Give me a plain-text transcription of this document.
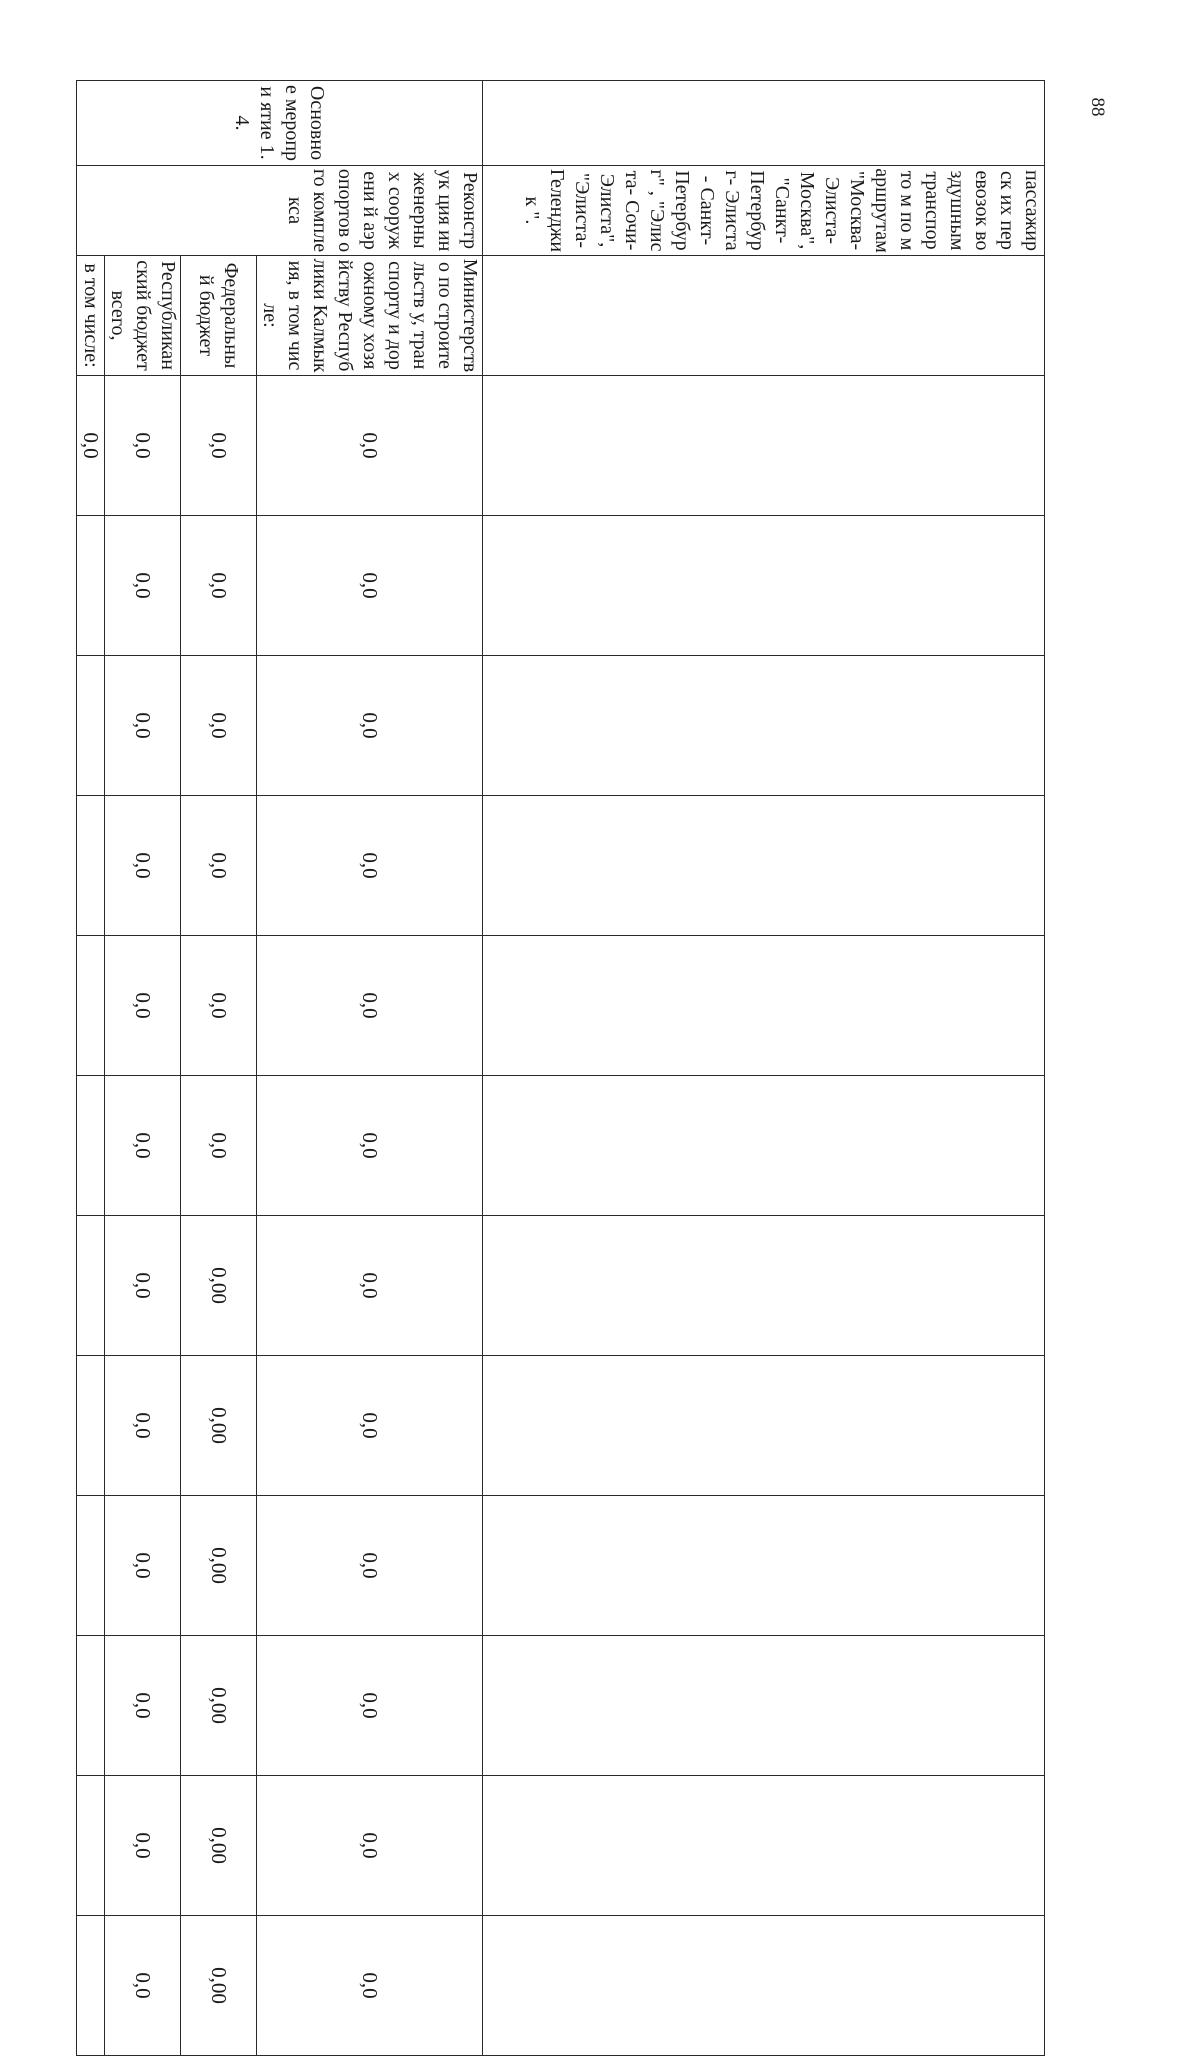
88
	пассажирск их перевозок воздушным транспорто м по маршрутам "Москва- Элиста- Москва", "Санкт- Петербург- Элиста- Санкт- Петербург" , "Элиста- Сочи- Элиста", "Элиста- Геленджик ".														
Основно е меропри ятие 1.4.	Реконструк ция инженерны х сооружени й аэропортов ого комплекса	Министерств о по строительств у, транспорту и дорожному хозяйству Республики Калмыкия, в том числе:	0,0	0,0	0,0	0,0	0,0	0,0	0,0	0,0	0,0	0,0	0,0	0,0	
		Федеральный бюджет	0,0	0,0	0,0	0,0	0,0	0,0	0,00	0,00	0,00	0,00	0,00	0,00	
		Республикан ский бюджет всего,	0,0	0,0	0,0	0,0	0,0	0,0	0,0	0,0	0,0	0,0	0,0	0,0	
		в том числе:	0,0												
